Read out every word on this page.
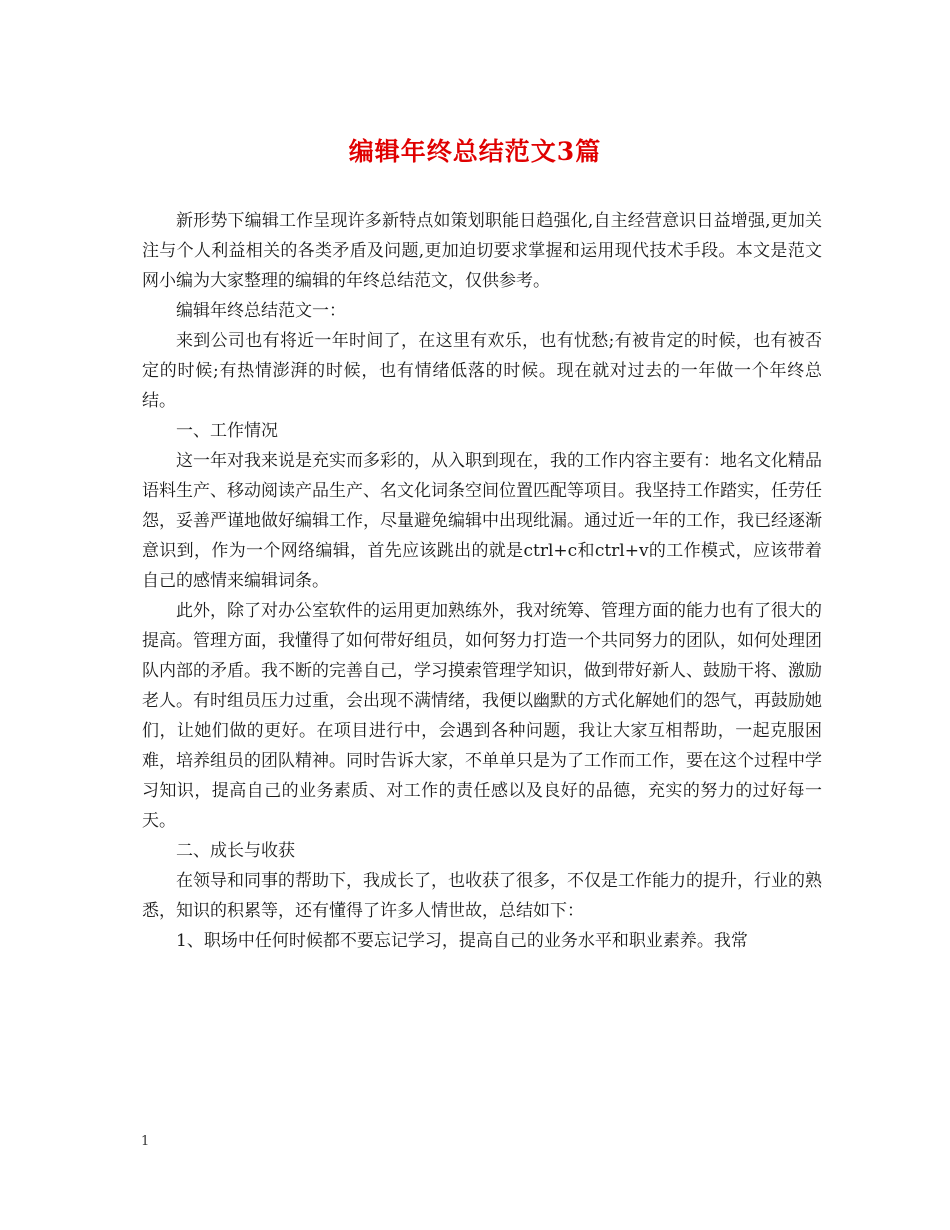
编辑年终总结范文3篇

新形势下编辑工作呈现许多新特点如策划职能日趋强化,自主经营意识日益增强,更加关注与个人利益相关的各类矛盾及问题,更加迫切要求掌握和运用现代技术手段。本文是范文网小编为大家整理的编辑的年终总结范文，仅供参考。

编辑年终总结范文一：

来到公司也有将近一年时间了，在这里有欢乐，也有忧愁;有被肯定的时候，也有被否定的时候;有热情澎湃的时候，也有情绪低落的时候。现在就对过去的一年做一个年终总结。

一、工作情况

这一年对我来说是充实而多彩的，从入职到现在，我的工作内容主要有：地名文化精品语料生产、移动阅读产品生产、名文化词条空间位置匹配等项目。我坚持工作踏实，任劳任怨，妥善严谨地做好编辑工作，尽量避免编辑中出现纰漏。通过近一年的工作，我已经逐渐意识到，作为一个网络编辑，首先应该跳出的就是ctrl+c和ctrl+v的工作模式，应该带着自己的感情来编辑词条。

此外，除了对办公室软件的运用更加熟练外，我对统筹、管理方面的能力也有了很大的提高。管理方面，我懂得了如何带好组员，如何努力打造一个共同努力的团队，如何处理团队内部的矛盾。我不断的完善自己，学习摸索管理学知识，做到带好新人、鼓励干将、激励老人。有时组员压力过重，会出现不满情绪，我便以幽默的方式化解她们的怨气，再鼓励她们，让她们做的更好。在项目进行中，会遇到各种问题，我让大家互相帮助，一起克服困难，培养组员的团队精神。同时告诉大家，不单单只是为了工作而工作，要在这个过程中学习知识，提高自己的业务素质、对工作的责任感以及良好的品德，充实的努力的过好每一天。

二、成长与收获

在领导和同事的帮助下，我成长了，也收获了很多，不仅是工作能力的提升，行业的熟悉，知识的积累等，还有懂得了许多人情世故，总结如下：

1、职场中任何时候都不要忘记学习，提高自己的业务水平和职业素养。我常

1
